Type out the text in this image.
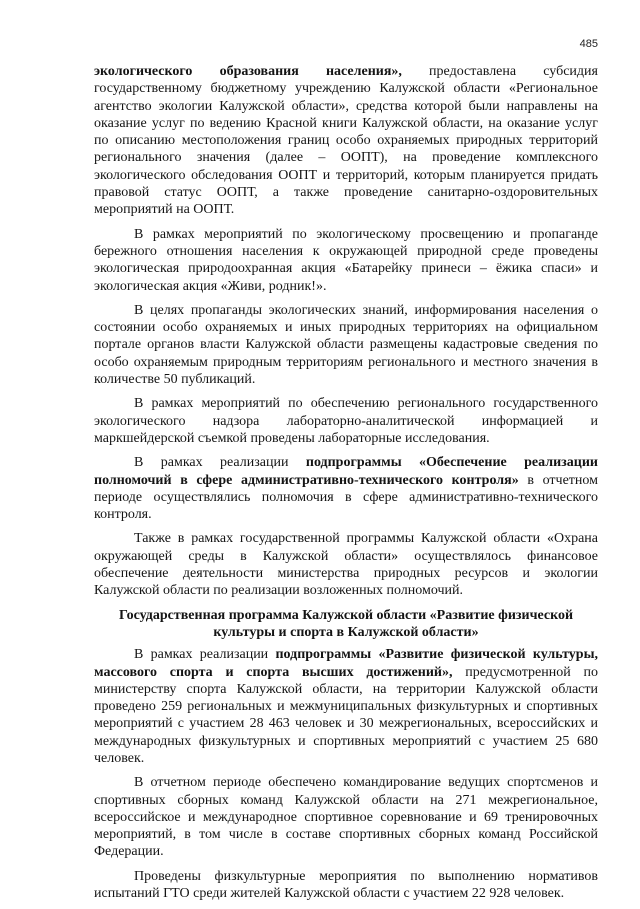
485

экологического образования населения», предоставлена субсидия государственному бюджетному учреждению Калужской области «Региональное агентство экологии Калужской области», средства которой были направлены на оказание услуг по ведению Красной книги Калужской области, на оказание услуг по описанию местоположения границ особо охраняемых природных территорий регионального значения (далее – ООПТ), на проведение комплексного экологического обследования ООПТ и территорий, которым планируется придать правовой статус ООПТ, а также проведение санитарно-оздоровительных мероприятий на ООПТ.

В рамках мероприятий по экологическому просвещению и пропаганде бережного отношения населения к окружающей природной среде проведены экологическая природоохранная акция «Батарейку принеси – ёжика спаси» и экологическая акция «Живи, родник!».

В целях пропаганды экологических знаний, информирования населения о состоянии особо охраняемых и иных природных территориях на официальном портале органов власти Калужской области размещены кадастровые сведения по особо охраняемым природным территориям регионального и местного значения в количестве 50 публикаций.

В рамках мероприятий по обеспечению регионального государственного экологического надзора лабораторно-аналитической информацией и маркшейдерской съемкой проведены лабораторные исследования.

В рамках реализации подпрограммы «Обеспечение реализации полномочий в сфере административно-технического контроля» в отчетном периоде осуществлялись полномочия в сфере административно-технического контроля.

Также в рамках государственной программы Калужской области «Охрана окружающей среды в Калужской области» осуществлялось финансовое обеспечение деятельности министерства природных ресурсов и экологии Калужской области по реализации возложенных полномочий.

Государственная программа Калужской области «Развитие физической культуры и спорта в Калужской области»

В рамках реализации подпрограммы «Развитие физической культуры, массового спорта и спорта высших достижений», предусмотренной по министерству спорта Калужской области, на территории Калужской области проведено 259 региональных и межмуниципальных физкультурных и спортивных мероприятий с участием 28 463 человек и 30 межрегиональных, всероссийских и международных физкультурных и спортивных мероприятий с участием 25 680 человек.

В отчетном периоде обеспечено командирование ведущих спортсменов и спортивных сборных команд Калужской области на 271 межрегиональное, всероссийское и международное спортивное соревнование и 69 тренировочных мероприятий, в том числе в составе спортивных сборных команд Российской Федерации.

Проведены физкультурные мероприятия по выполнению нормативов испытаний ГТО среди жителей Калужской области с участием 22 928 человек.
